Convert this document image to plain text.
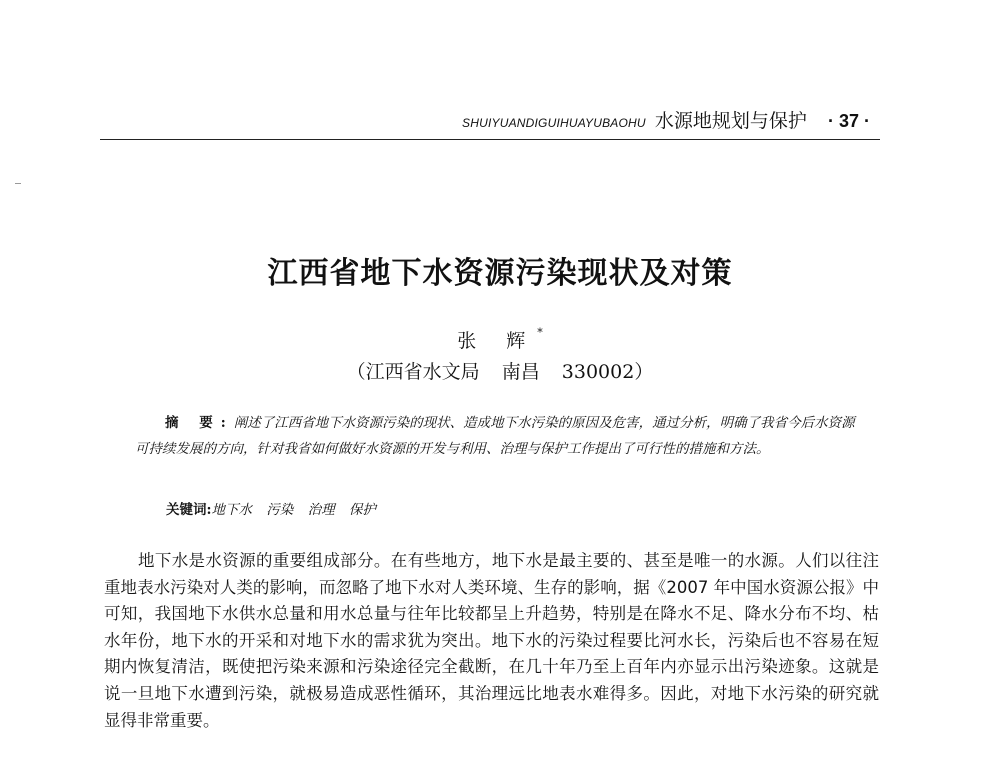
SHUIYUANDIGUIHUAYUBAOHU 水源地规划与保护 · 37 ·
江西省地下水资源污染现状及对策
张 辉*
（江西省水文局 南昌 330002）
摘 要:阐述了江西省地下水资源污染的现状、造成地下水污染的原因及危害，通过分析，明确了我省今后水资源可持续发展的方向，针对我省如何做好水资源的开发与利用、治理与保护工作提出了可行性的措施和方法。
关键词:地下水 污染 治理 保护
地下水是水资源的重要组成部分。在有些地方，地下水是最主要的、甚至是唯一的水源。人们以往注重地表水污染对人类的影响，而忽略了地下水对人类环境、生存的影响，据《2007 年中国水资源公报》中可知，我国地下水供水总量和用水总量与往年比较都呈上升趋势，特别是在降水不足、降水分布不均、枯水年份，地下水的开采和对地下水的需求犹为突出。地下水的污染过程要比河水长，污染后也不容易在短期内恢复清洁，既使把污染来源和污染途径完全截断，在几十年乃至上百年内亦显示出污染迹象。这就是说一旦地下水遭到污染，就极易造成恶性循环，其治理远比地表水难得多。因此，对地下水污染的研究就显得非常重要。
